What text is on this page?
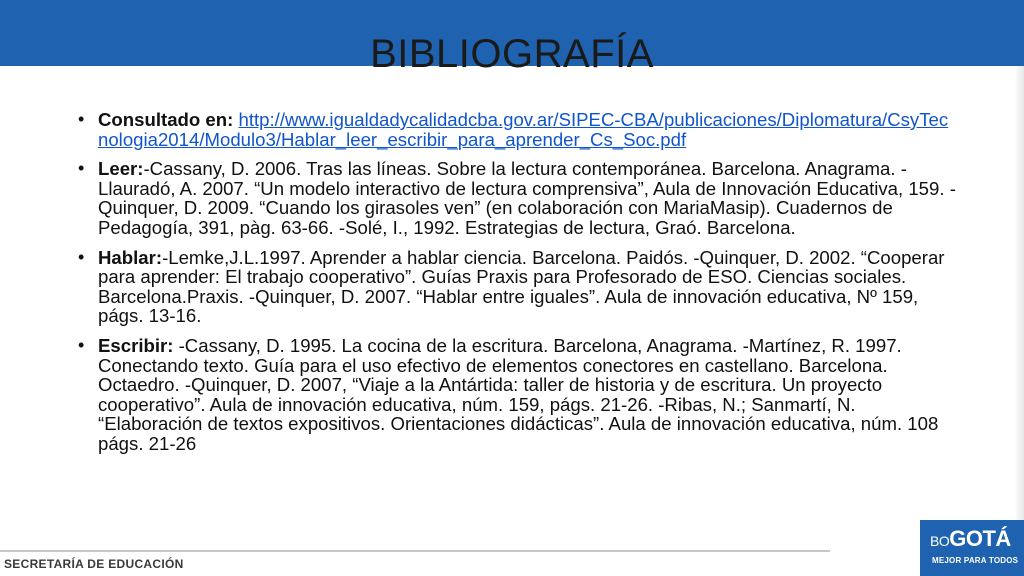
BIBLIOGRAFÍA
• Consultado en: http://www.igualdadycalidadcba.gov.ar/SIPEC-CBA/publicaciones/Diplomatura/CsyTecnologia2014/Modulo3/Hablar_leer_escribir_para_aprender_Cs_Soc.pdf
• Leer:-Cassany, D. 2006. Tras las líneas. Sobre la lectura contemporánea. Barcelona. Anagrama. -Llauradó, A. 2007. “Un modelo interactivo de lectura comprensiva”, Aula de Innovación Educativa, 159. -Quinquer, D. 2009. “Cuando los girasoles ven” (en colaboración con MariaMasip). Cuadernos de Pedagogía, 391, pàg. 63-66. -Solé, I., 1992. Estrategias de lectura, Graó. Barcelona.
• Hablar:-Lemke,J.L.1997. Aprender a hablar ciencia. Barcelona. Paidós. -Quinquer, D. 2002. “Cooperar para aprender: El trabajo cooperativo”. Guías Praxis para Profesorado de ESO. Ciencias sociales. Barcelona.Praxis. -Quinquer, D. 2007. “Hablar entre iguales”. Aula de innovación educativa, Nº 159, págs. 13-16.
• Escribir: -Cassany, D. 1995. La cocina de la escritura. Barcelona, Anagrama. -Martínez, R. 1997. Conectando texto. Guía para el uso efectivo de elementos conectores en castellano. Barcelona. Octaedro. -Quinquer, D. 2007, “Viaje a la Antártida: taller de historia y de escritura. Un proyecto cooperativo”. Aula de innovación educativa, núm. 159, págs. 21-26. -Ribas, N.; Sanmartí, N. “Elaboración de textos expositivos. Orientaciones didácticas”. Aula de innovación educativa, núm. 108 págs. 21-26
SECRETARÍA DE EDUCACIÓN
BOGOTÁ
MEJOR PARA TODOS
